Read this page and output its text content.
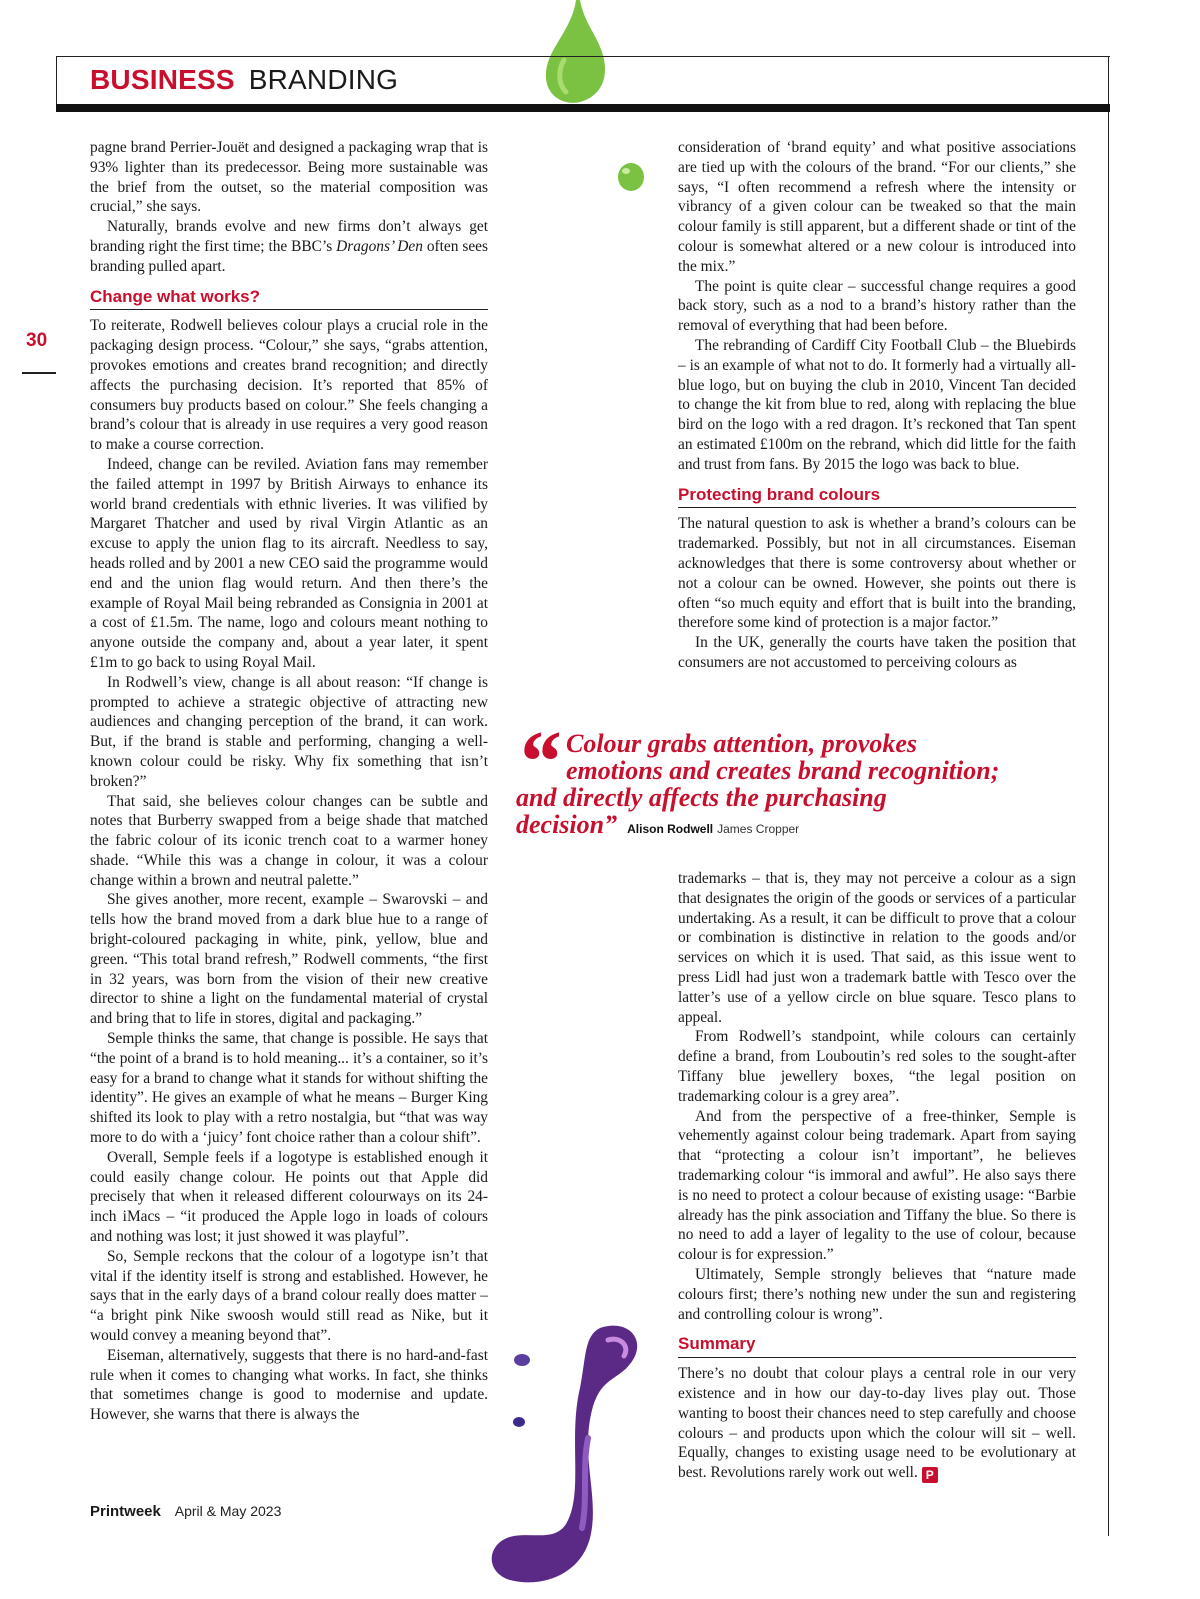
BUSINESS BRANDING
30

pagne brand Perrier-Jouët and designed a packaging wrap that is 93% lighter than its predecessor. Being more sustainable was the brief from the outset, so the material composition was crucial,” she says.

Naturally, brands evolve and new firms don’t always get branding right the first time; the BBC’s Dragons’ Den often sees branding pulled apart.

Change what works?

To reiterate, Rodwell believes colour plays a crucial role in the packaging design process. “Colour,” she says, “grabs attention, provokes emotions and creates brand recognition; and directly affects the purchasing decision. It’s reported that 85% of consumers buy products based on colour.” She feels changing a brand’s colour that is already in use requires a very good reason to make a course correction.

Indeed, change can be reviled. Aviation fans may remember the failed attempt in 1997 by British Airways to enhance its world brand credentials with ethnic liveries. It was vilified by Margaret Thatcher and used by rival Virgin Atlantic as an excuse to apply the union flag to its aircraft. Needless to say, heads rolled and by 2001 a new CEO said the programme would end and the union flag would return. And then there’s the example of Royal Mail being rebranded as Consignia in 2001 at a cost of £1.5m. The name, logo and colours meant nothing to anyone outside the company and, about a year later, it spent £1m to go back to using Royal Mail.

In Rodwell’s view, change is all about reason: “If change is prompted to achieve a strategic objective of attracting new audiences and changing perception of the brand, it can work. But, if the brand is stable and performing, changing a well-known colour could be risky. Why fix something that isn’t broken?”

That said, she believes colour changes can be subtle and notes that Burberry swapped from a beige shade that matched the fabric colour of its iconic trench coat to a warmer honey shade. “While this was a change in colour, it was a colour change within a brown and neutral palette.”

She gives another, more recent, example – Swarovski – and tells how the brand moved from a dark blue hue to a range of bright-coloured packaging in white, pink, yellow, blue and green. “This total brand refresh,” Rodwell comments, “the first in 32 years, was born from the vision of their new creative director to shine a light on the fundamental material of crystal and bring that to life in stores, digital and packaging.”

Semple thinks the same, that change is possible. He says that “the point of a brand is to hold meaning... it’s a container, so it’s easy for a brand to change what it stands for without shifting the identity”. He gives an example of what he means – Burger King shifted its look to play with a retro nostalgia, but “that was way more to do with a ‘juicy’ font choice rather than a colour shift”.

Overall, Semple feels if a logotype is established enough it could easily change colour. He points out that Apple did precisely that when it released different colourways on its 24-inch iMacs – “it produced the Apple logo in loads of colours and nothing was lost; it just showed it was playful”.

So, Semple reckons that the colour of a logotype isn’t that vital if the identity itself is strong and established. However, he says that in the early days of a brand colour really does matter – “a bright pink Nike swoosh would still read as Nike, but it would convey a meaning beyond that”.

Eiseman, alternatively, suggests that there is no hard-and-fast rule when it comes to changing what works. In fact, she thinks that sometimes change is good to modernise and update. However, she warns that there is always the

consideration of ‘brand equity’ and what positive associations are tied up with the colours of the brand. “For our clients,” she says, “I often recommend a refresh where the intensity or vibrancy of a given colour can be tweaked so that the main colour family is still apparent, but a different shade or tint of the colour is somewhat altered or a new colour is introduced into the mix.”

The point is quite clear – successful change requires a good back story, such as a nod to a brand’s history rather than the removal of everything that had been before.

The rebranding of Cardiff City Football Club – the Bluebirds – is an example of what not to do. It formerly had a virtually all-blue logo, but on buying the club in 2010, Vincent Tan decided to change the kit from blue to red, along with replacing the blue bird on the logo with a red dragon. It’s reckoned that Tan spent an estimated £100m on the rebrand, which did little for the faith and trust from fans. By 2015 the logo was back to blue.

Protecting brand colours

The natural question to ask is whether a brand’s colours can be trademarked. Possibly, but not in all circumstances. Eiseman acknowledges that there is some controversy about whether or not a colour can be owned. However, she points out there is often “so much equity and effort that is built into the branding, therefore some kind of protection is a major factor.”

In the UK, generally the courts have taken the position that consumers are not accustomed to perceiving colours as

“ Colour grabs attention, provokes emotions and creates brand recognition; and directly affects the purchasing decision” Alison Rodwell James Cropper

trademarks – that is, they may not perceive a colour as a sign that designates the origin of the goods or services of a particular undertaking. As a result, it can be difficult to prove that a colour or combination is distinctive in relation to the goods and/or services on which it is used. That said, as this issue went to press Lidl had just won a trademark battle with Tesco over the latter’s use of a yellow circle on blue square. Tesco plans to appeal.

From Rodwell’s standpoint, while colours can certainly define a brand, from Louboutin’s red soles to the sought-after Tiffany blue jewellery boxes, “the legal position on trademarking colour is a grey area”.

And from the perspective of a free-thinker, Semple is vehemently against colour being trademark. Apart from saying that “protecting a colour isn’t important”, he believes trademarking colour “is immoral and awful”. He also says there is no need to protect a colour because of existing usage: “Barbie already has the pink association and Tiffany the blue. So there is no need to add a layer of legality to the use of colour, because colour is for expression.”

Ultimately, Semple strongly believes that “nature made colours first; there’s nothing new under the sun and registering and controlling colour is wrong”.

Summary

There’s no doubt that colour plays a central role in our very existence and in how our day-to-day lives play out. Those wanting to boost their chances need to step carefully and choose colours – and products upon which the colour will sit – well. Equally, changes to existing usage need to be evolutionary at best. Revolutions rarely work out well. P

Printweek April & May 2023
